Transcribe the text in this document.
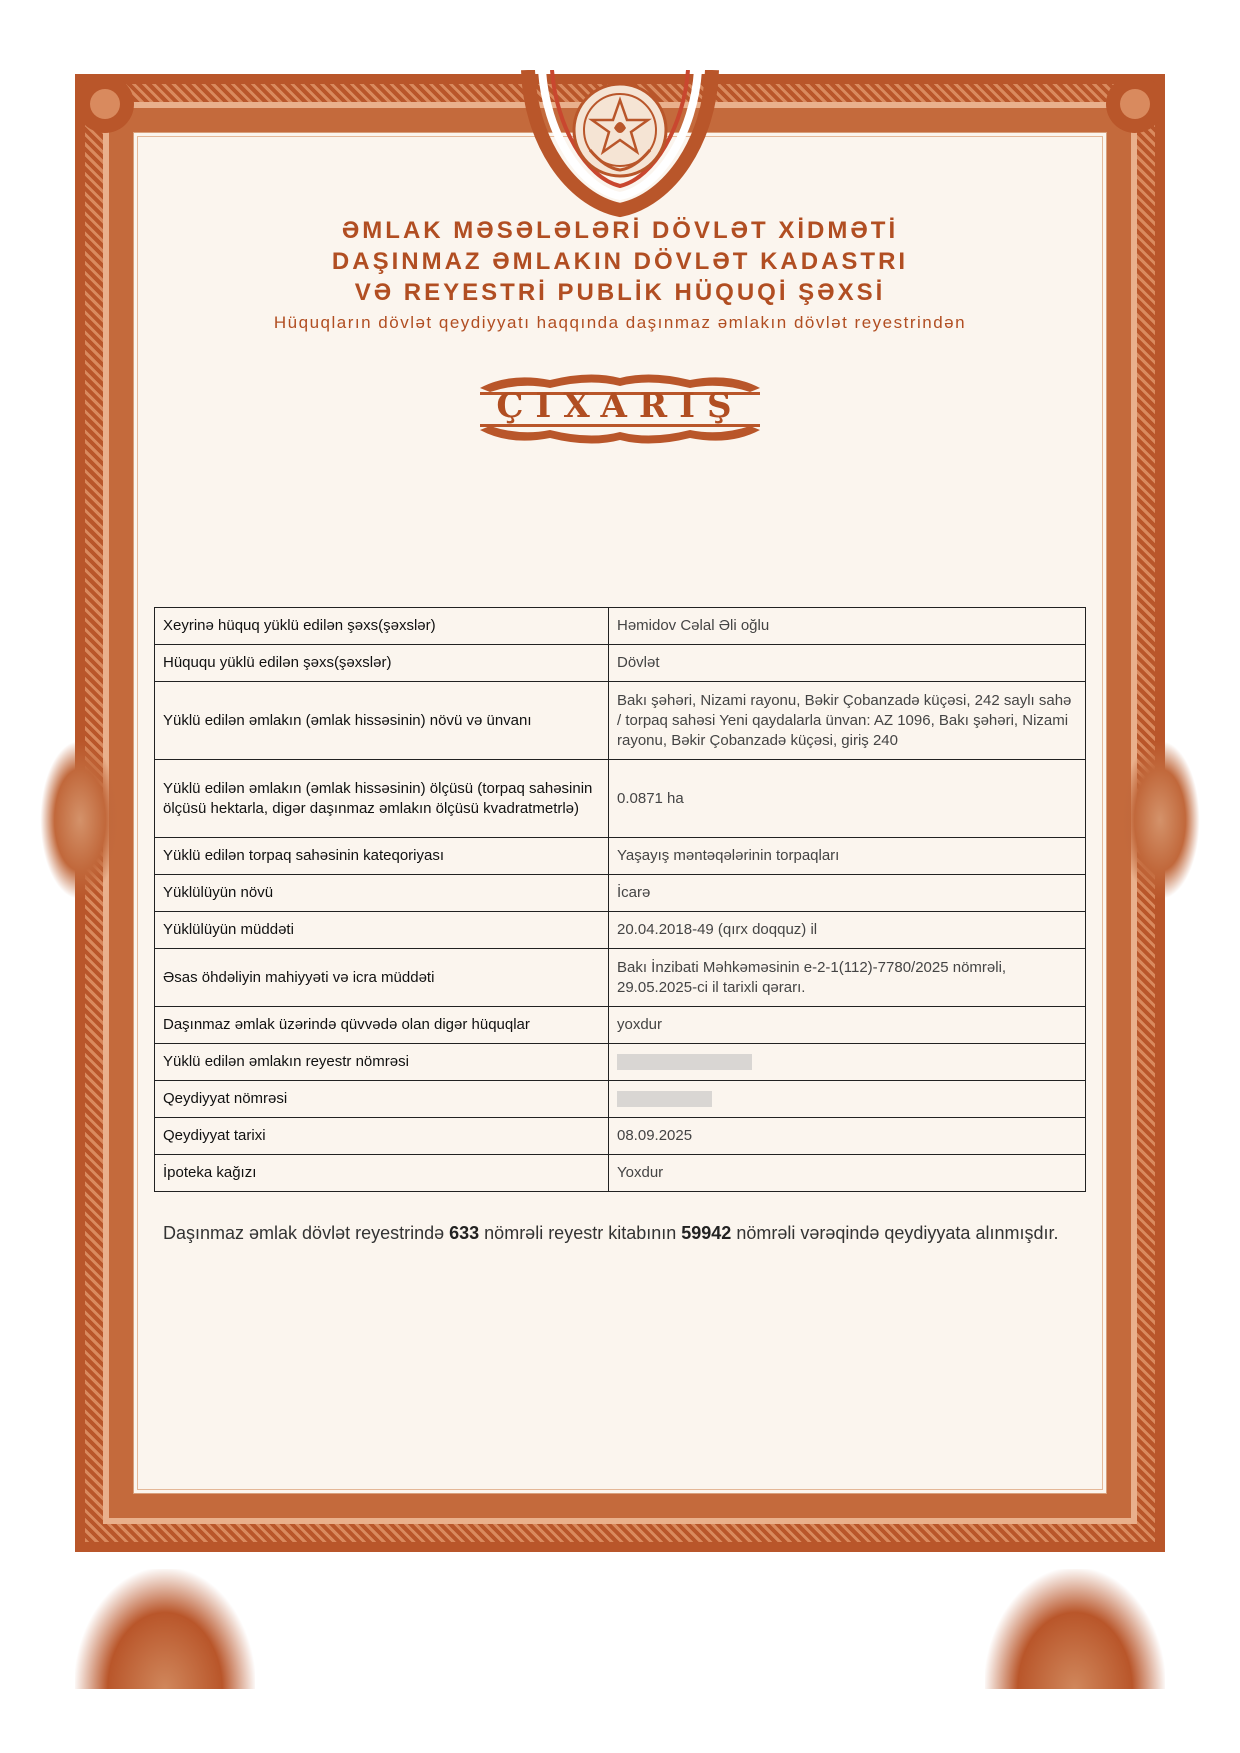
ƏMLAK MƏSƏLƏLƏRİ DÖVLƏT XİDMƏTİ
DAŞINMAZ ƏMLAKIN DÖVLƏT KADASTRI
VƏ REYESTRİ PUBLİK HÜQUQİ ŞƏXSİ
Hüquqların dövlət qeydiyyatı haqqında daşınmaz əmlakın dövlət reyestrindən
ÇIXARIŞ
Xeyrinə hüquq yüklü edilən şəxs(şəxslər)	Həmidov Cəlal Əli oğlu
Hüququ yüklü edilən şəxs(şəxslər)	Dövlət
Yüklü edilən əmlakın (əmlak hissəsinin) növü və ünvanı	Bakı şəhəri, Nizami rayonu, Bəkir Çobanzadə küçəsi, 242 saylı sahə / torpaq sahəsi Yeni qaydalarla ünvan: AZ 1096, Bakı şəhəri, Nizami rayonu, Bəkir Çobanzadə küçəsi, giriş 240
Yüklü edilən əmlakın (əmlak hissəsinin) ölçüsü (torpaq sahəsinin ölçüsü hektarla, digər daşınmaz əmlakın ölçüsü kvadratmetrlə)	0.0871 ha
Yüklü edilən torpaq sahəsinin kateqoriyası	Yaşayış məntəqələrinin torpaqları
Yüklülüyün növü	İcarə
Yüklülüyün müddəti	20.04.2018-49 (qırx doqquz) il
Əsas öhdəliyin mahiyyəti və icra müddəti	Bakı İnzibati Məhkəməsinin e-2-1(112)-7780/2025 nömrəli, 29.05.2025-ci il tarixli qərarı.
Daşınmaz əmlak üzərində qüvvədə olan digər hüquqlar	yoxdur
Yüklü edilən əmlakın reyestr nömrəsi	
Qeydiyyat nömrəsi	
Qeydiyyat tarixi	08.09.2025
İpoteka kağızı	Yoxdur
Daşınmaz əmlak dövlət reyestrində 633 nömrəli reyestr kitabının 59942 nömrəli vərəqində qeydiyyata alınmışdır.
